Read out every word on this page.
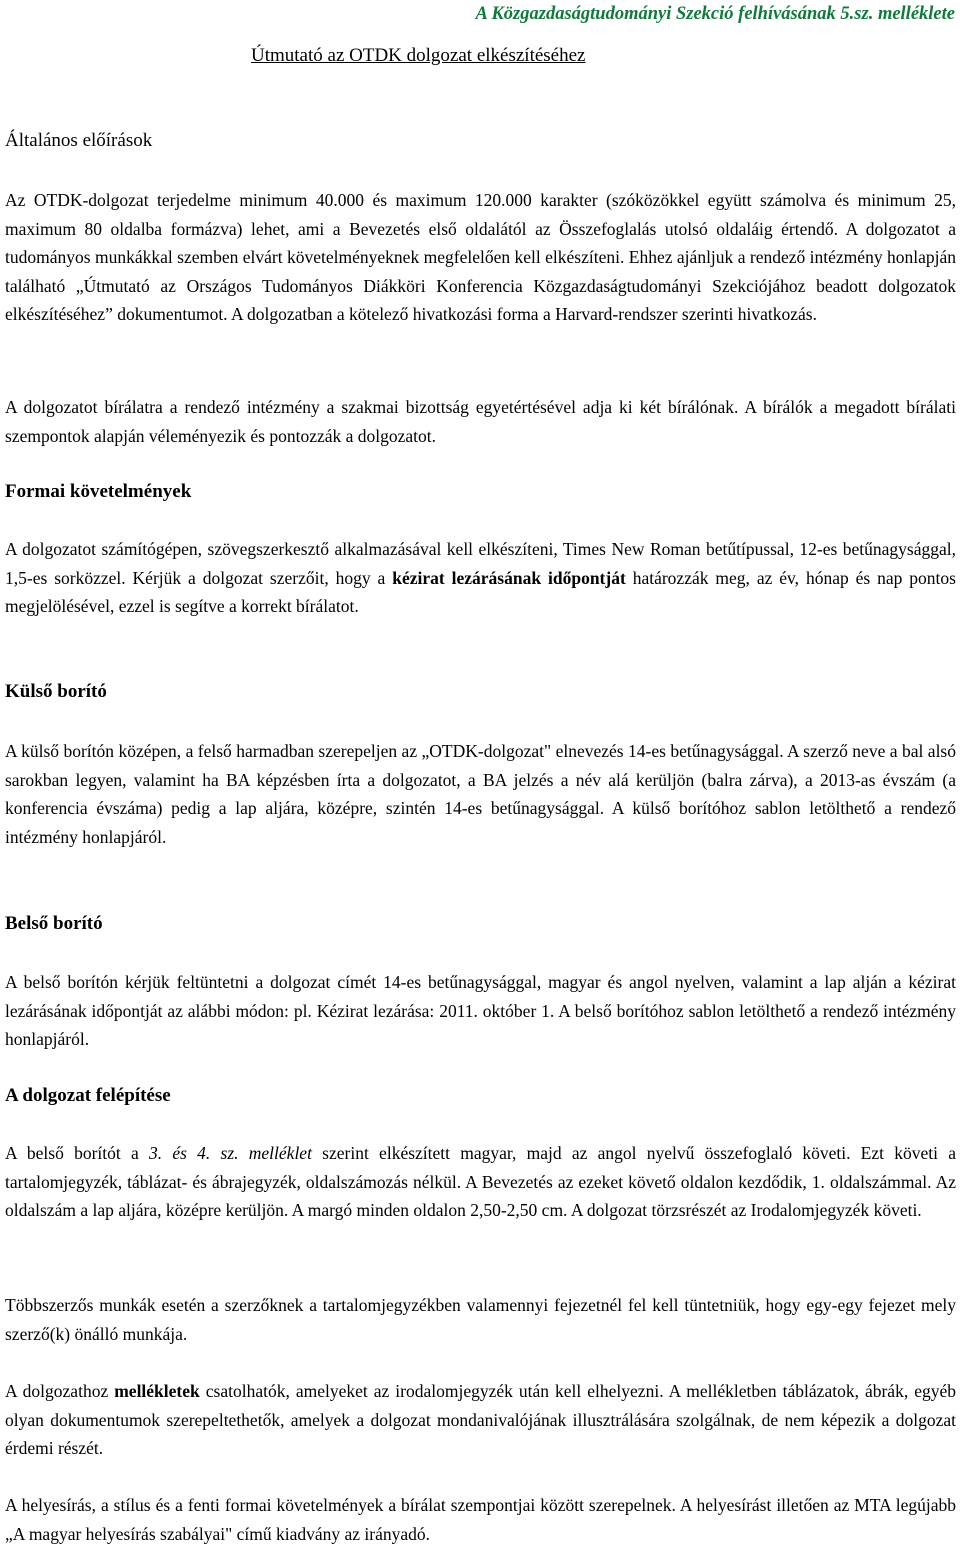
A Közgazdaságtudományi Szekció felhívásának 5.sz. melléklete
Útmutató az OTDK dolgozat elkészítéséhez
Általános előírások

Az OTDK-dolgozat terjedelme minimum 40.000 és maximum 120.000 karakter (szóközökkel együtt számolva és minimum 25, maximum 80 oldalba formázva) lehet, ami a Bevezetés első oldalától az Összefoglalás utolsó oldaláig értendő. A dolgozatot a tudományos munkákkal szemben elvárt követelményeknek megfelelően kell elkészíteni. Ehhez ajánljuk a rendező intézmény honlapján található „Útmutató az Országos Tudományos Diákköri Konferencia Közgazdaságtudományi Szekciójához beadott dolgozatok elkészítéséhez” dokumentumot. A dolgozatban a kötelező hivatkozási forma a Harvard-rendszer szerinti hivatkozás.

A dolgozatot bírálatra a rendező intézmény a szakmai bizottság egyetértésével adja ki két bírálónak. A bírálók a megadott bírálati szempontok alapján véleményezik és pontozzák a dolgozatot.

Formai követelmények

A dolgozatot számítógépen, szövegszerkesztő alkalmazásával kell elkészíteni, Times New Roman betűtípussal, 12-es betűnagysággal, 1,5-es sorközzel. Kérjük a dolgozat szerzőit, hogy a kézirat lezárásának időpontját határozzák meg, az év, hónap és nap pontos megjelölésével, ezzel is segítve a korrekt bírálatot.

Külső borító

A külső borítón középen, a felső harmadban szerepeljen az „OTDK-dolgozat" elnevezés 14-es betűnagysággal. A szerző neve a bal alsó sarokban legyen, valamint ha BA képzésben írta a dolgozatot, a BA jelzés a név alá kerüljön (balra zárva), a 2013-as évszám (a konferencia évszáma) pedig a lap aljára, középre, szintén 14-es betűnagysággal. A külső borítóhoz sablon letölthető a rendező intézmény honlapjáról.

Belső borító

A belső borítón kérjük feltüntetni a dolgozat címét 14-es betűnagysággal, magyar és angol nyelven, valamint a lap alján a kézirat lezárásának időpontját az alábbi módon: pl. Kézirat lezárása: 2011. október 1. A belső borítóhoz sablon letölthető a rendező intézmény honlapjáról.

A dolgozat felépítése

A belső borítót a 3. és 4. sz. melléklet szerint elkészített magyar, majd az angol nyelvű összefoglaló követi. Ezt követi a tartalomjegyzék, táblázat- és ábrajegyzék, oldalszámozás nélkül. A Bevezetés az ezeket követő oldalon kezdődik, 1. oldalszámmal. Az oldalszám a lap aljára, középre kerüljön. A margó minden oldalon 2,50-2,50 cm. A dolgozat törzsrészét az Irodalomjegyzék követi.

Többszerzős munkák esetén a szerzőknek a tartalomjegyzékben valamennyi fejezetnél fel kell tüntetniük, hogy egy-egy fejezet mely szerző(k) önálló munkája.

A dolgozathoz mellékletek csatolhatók, amelyeket az irodalomjegyzék után kell elhelyezni. A mellékletben táblázatok, ábrák, egyéb olyan dokumentumok szerepeltethetők, amelyek a dolgozat mondanivalójának illusztrálására szolgálnak, de nem képezik a dolgozat érdemi részét.

A helyesírás, a stílus és a fenti formai követelmények a bírálat szempontjai között szerepelnek. A helyesírást illetően az MTA legújabb „A magyar helyesírás szabályai" című kiadvány az irányadó.
